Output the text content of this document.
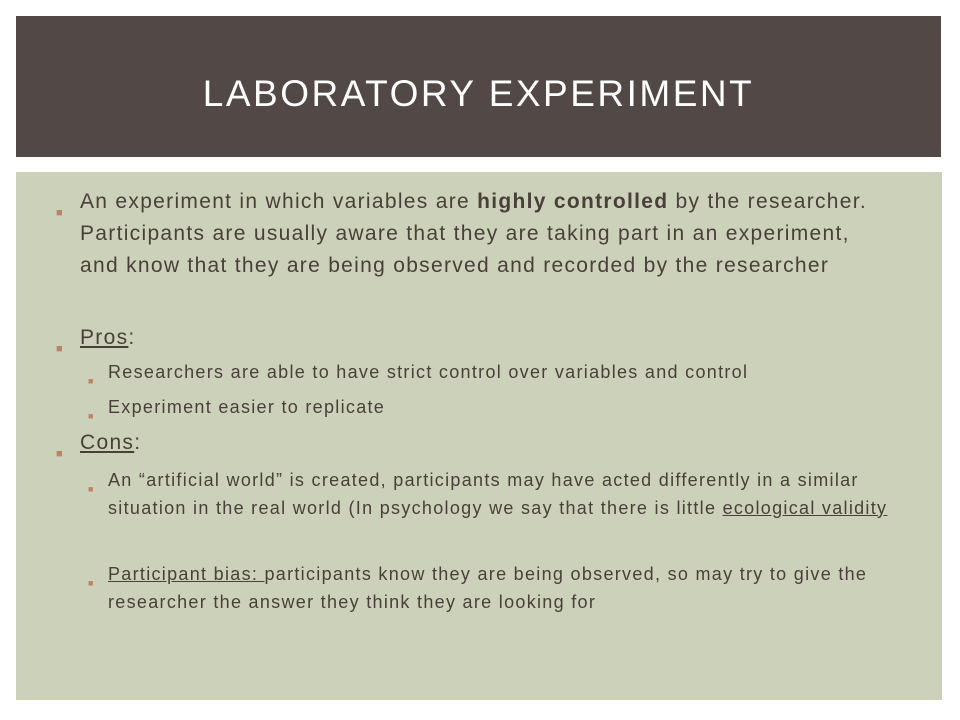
LABORATORY EXPERIMENT
■ An experiment in which variables are highly controlled by the researcher. Participants are usually aware that they are taking part in an experiment, and know that they are being observed and recorded by the researcher
■ Pros:
■ Researchers are able to have strict control over variables and control
■ Experiment easier to replicate
■ Cons:
■ An “artificial world” is created, participants may have acted differently in a similar situation in the real world (In psychology we say that there is little ecological validity
■ Participant bias: participants know they are being observed, so may try to give the researcher the answer they think they are looking for
